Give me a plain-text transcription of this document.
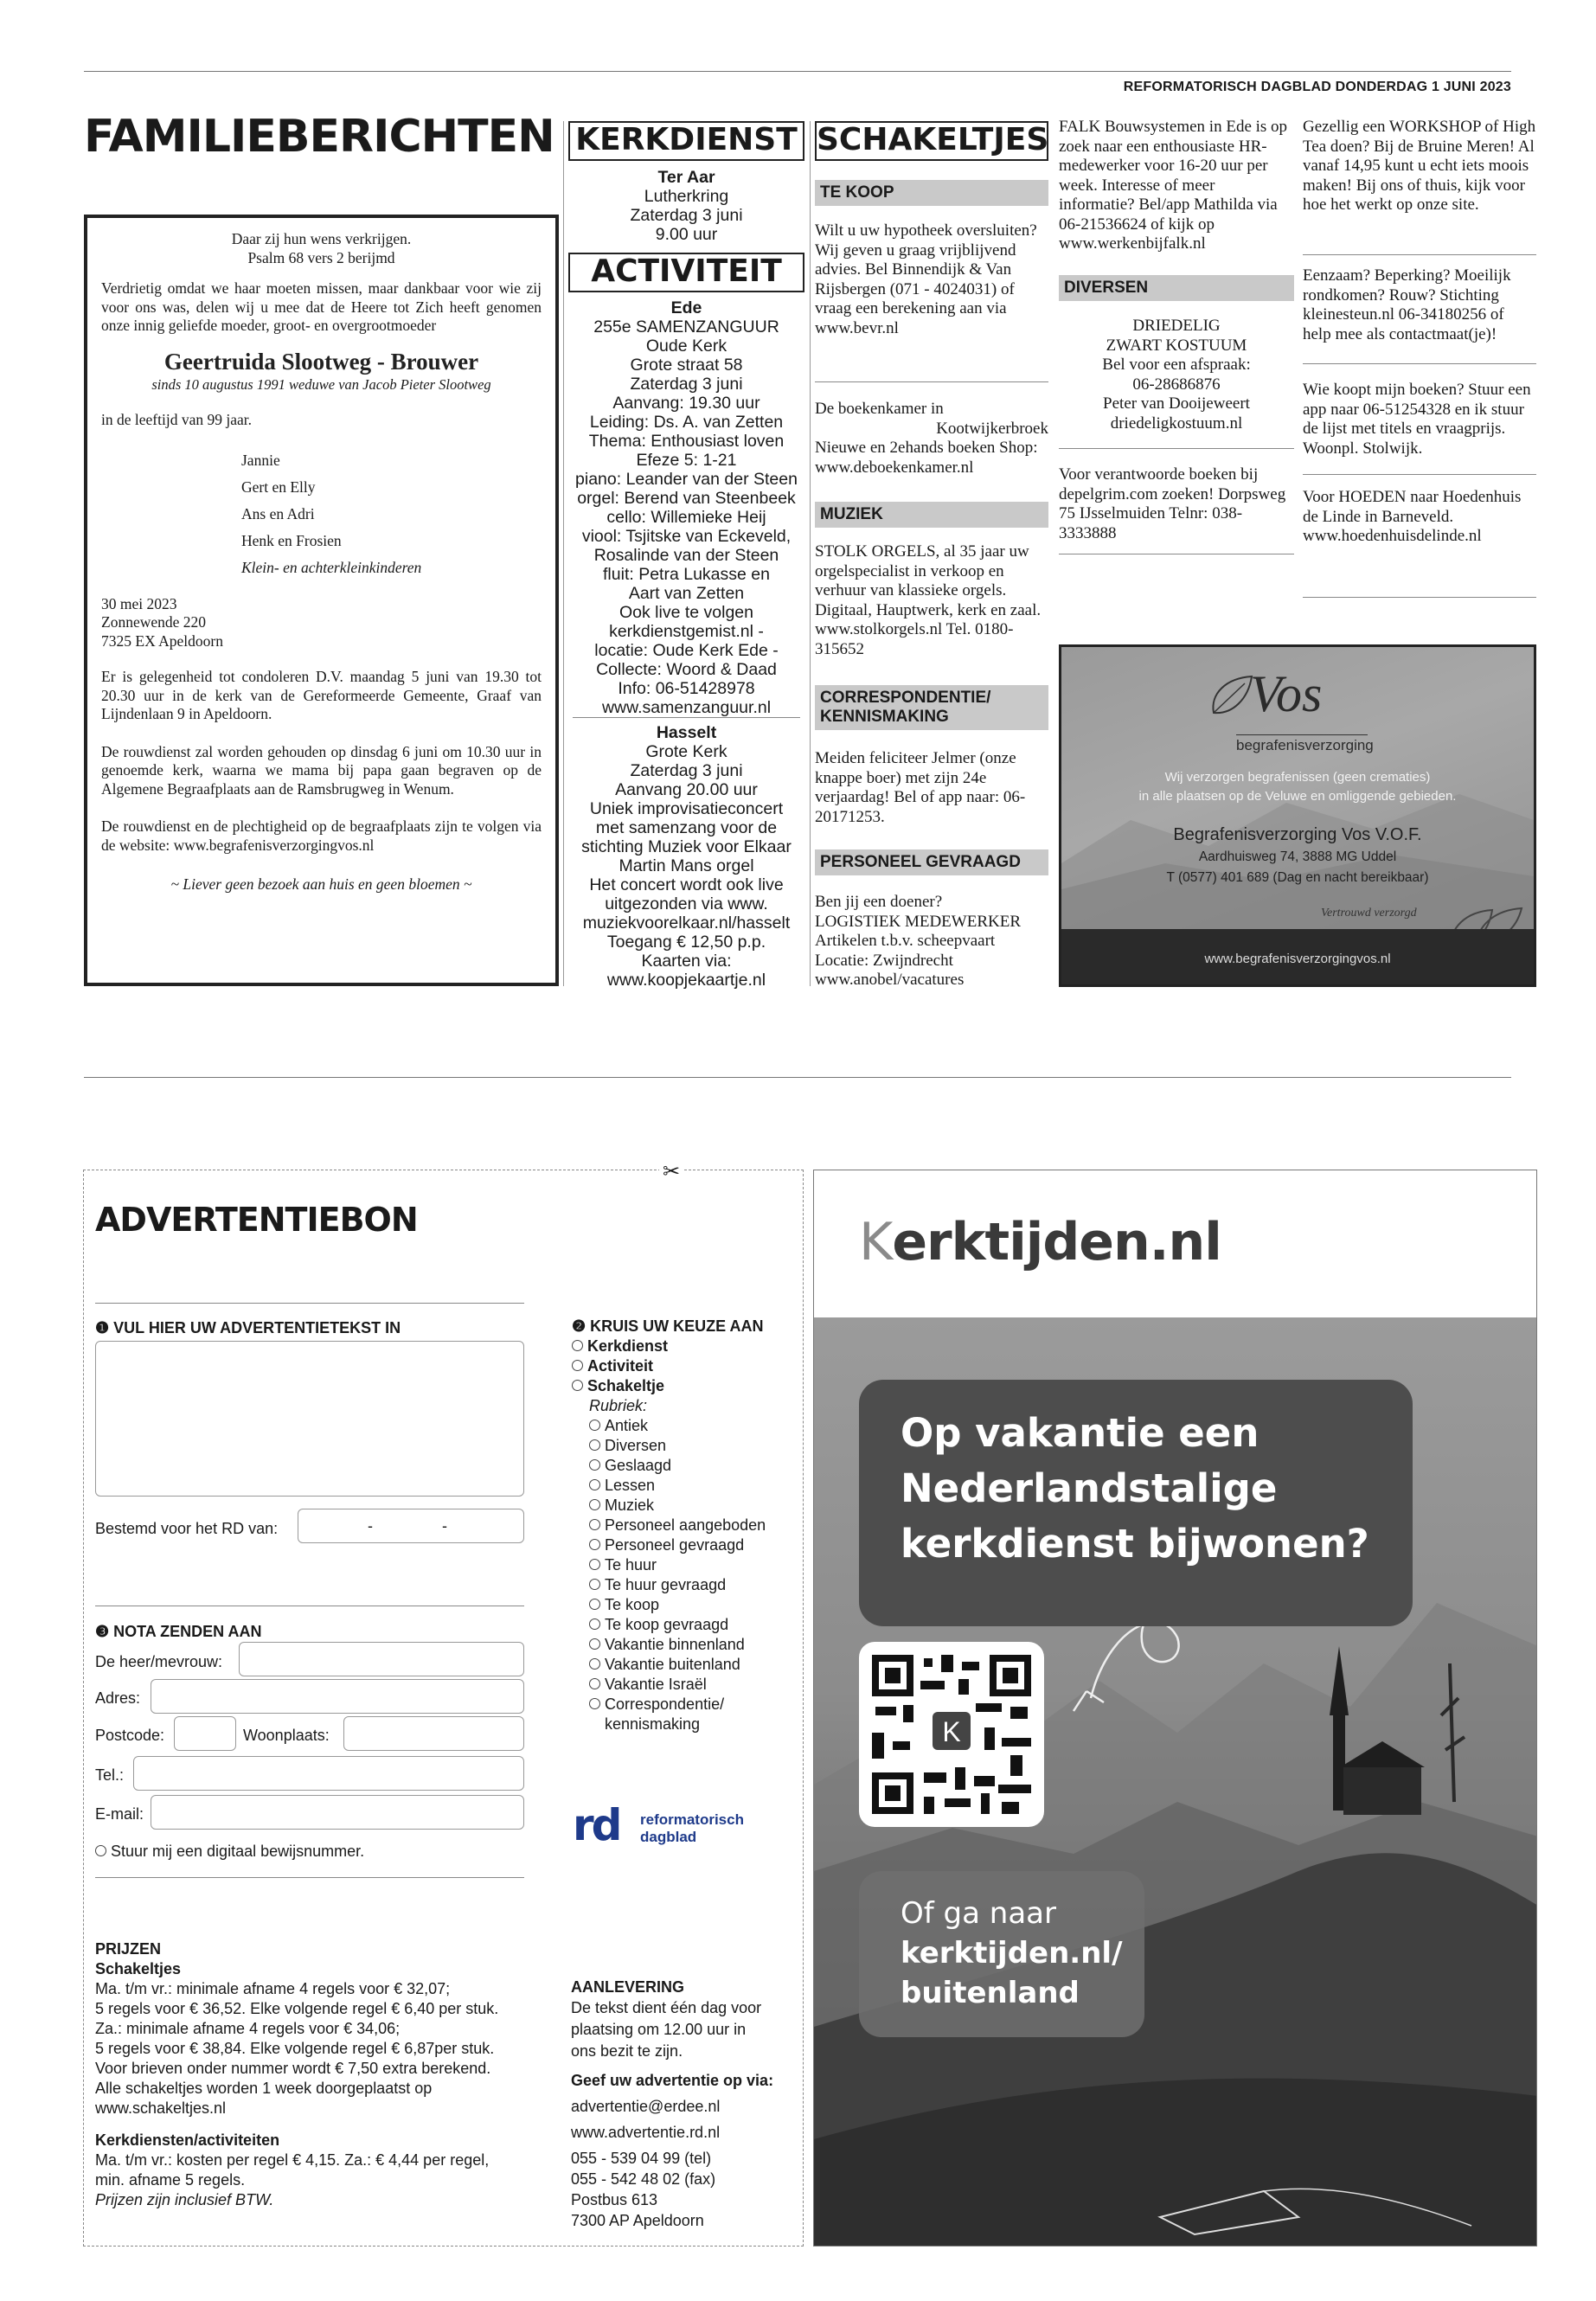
REFORMATORISCH DAGBLAD DONDERDAG 1 JUNI 2023
FAMILIEBERICHTEN
Daar zij hun wens verkrijgen.
Psalm 68 vers 2 berijmd
Verdrietig omdat we haar moeten missen, maar dankbaar voor wie zij voor ons was, delen wij u mee dat de Heere tot Zich heeft genomen onze innig geliefde moeder, groot- en overgrootmoeder
Geertruida Slootweg - Brouwer
sinds 10 augustus 1991 weduwe van Jacob Pieter Slootweg
in de leeftijd van 99 jaar.
Jannie
Gert en Elly
Ans en Adri
Henk en Frosien
Klein- en achterkleinkinderen
30 mei 2023
Zonnewende 220
7325 EX Apeldoorn
Er is gelegenheid tot condoleren D.V. maandag 5 juni van 19.30 tot 20.30 uur in de kerk van de Gereformeerde Gemeente, Graaf van Lijndenlaan 9 in Apeldoorn.
De rouwdienst zal worden gehouden op dinsdag 6 juni om 10.30 uur in genoemde kerk, waarna we mama bij papa gaan begraven op de Algemene Begraafplaats aan de Ramsbrugweg in Wenum.
De rouwdienst en de plechtigheid op de begraafplaats zijn te volgen via de website: www.begrafenisverzorgingvos.nl
~ Liever geen bezoek aan huis en geen bloemen ~
KERKDIENST
Ter Aar
Lutherkring
Zaterdag 3 juni
9.00 uur
ACTIVITEIT
Ede
255e SAMENZANGUUR
Oude Kerk
Grote straat 58
Zaterdag 3 juni
Aanvang: 19.30 uur
Leiding: Ds. A. van Zetten
Thema: Enthousiast loven
Efeze 5: 1-21
piano: Leander van der Steen
orgel: Berend van Steenbeek
cello: Willemieke Heij
viool: Tsjitske van Eckeveld,
Rosalinde van der Steen
fluit: Petra Lukasse en
Aart van Zetten
Ook live te volgen
kerkdienstgemist.nl -
locatie: Oude Kerk Ede -
Collecte: Woord & Daad
Info: 06-51428978
www.samenzanguur.nl
Hasselt
Grote Kerk
Zaterdag 3 juni
Aanvang 20.00 uur
Uniek improvisatieconcert
met samenzang voor de
stichting Muziek voor Elkaar
Martin Mans orgel
Het concert wordt ook live
uitgezonden via www.
muziekvoorelkaar.nl/hasselt
Toegang € 12,50 p.p.
Kaarten via:
www.koopjekaartje.nl
SCHAKELTJES
TE KOOP
Wilt u uw hypotheek oversluiten? Wij geven u graag vrijblijvend advies. Bel Binnendijk & Van Rijsbergen (071 - 4024031) of vraag een berekening aan via www.bevr.nl
De boekenkamer in
Kootwijkerbroek
Nieuwe en 2ehands boeken Shop: www.deboekenkamer.nl
MUZIEK
STOLK ORGELS, al 35 jaar uw orgelspecialist in verkoop en verhuur van klassieke orgels. Digitaal, Hauptwerk, kerk en zaal. www.stolkorgels.nl Tel. 0180-315652
CORRESPONDENTIE/ KENNISMAKING
Meiden feliciteer Jelmer (onze knappe boer) met zijn 24e verjaardag! Bel of app naar: 06-20171253.
PERSONEEL GEVRAAGD
Ben jij een doener?
LOGISTIEK MEDEWERKER
Artikelen t.b.v. scheepvaart
Locatie: Zwijndrecht
www.anobel/vacatures
FALK Bouwsystemen in Ede is op zoek naar een enthousiaste HR-medewerker voor 16-20 uur per week. Interesse of meer informatie? Bel/app Mathilda via 06-21536624 of kijk op www.werkenbijfalk.nl
DIVERSEN
DRIEDELIG
ZWART KOSTUUM
Bel voor een afspraak:
06-28686876
Peter van Dooijeweert
driedeligkostuum.nl
Voor verantwoorde boeken bij depelgrim.com zoeken! Dorpsweg 75 IJsselmuiden Telnr: 038-3333888
Gezellig een WORKSHOP of High Tea doen? Bij de Bruine Meren! Al vanaf 14,95 kunt u echt iets moois maken! Bij ons of thuis, kijk voor hoe het werkt op onze site.
Eenzaam? Beperking? Moeilijk rondkomen? Rouw? Stichting kleinesteun.nl 06-34180256 of help mee als contactmaat(je)!
Wie koopt mijn boeken? Stuur een app naar 06-51254328 en ik stuur de lijst met titels en vraagprijs. Woonpl. Stolwijk.
Voor HOEDEN naar Hoedenhuis de Linde in Barneveld. www.hoedenhuisdelinde.nl
Vos
begrafenisverzorging
Wij verzorgen begrafenissen (geen crematies)
in alle plaatsen op de Veluwe en omliggende gebieden.
Begrafenisverzorging Vos V.O.F.
Aardhuisweg 74, 3888 MG Uddel
T (0577) 401 689 (Dag en nacht bereikbaar)
Vertrouwd verzorgd
www.begrafenisverzorgingvos.nl
✂
ADVERTENTIEBON
❶ VUL HIER UW ADVERTENTIETEKST IN
Bestemd voor het RD van:	-	-
❸ NOTA ZENDEN AAN
De heer/mevrouw:
Adres:
Postcode:	Woonplaats:
Tel.:
E-mail:
Stuur mij een digitaal bewijsnummer.
❷ KRUIS UW KEUZE AAN
Kerkdienst
Activiteit
Schakeltje
Rubriek:
Antiek
Diversen
Geslaagd
Lessen
Muziek
Personeel aangeboden
Personeel gevraagd
Te huur
Te huur gevraagd
Te koop
Te koop gevraagd
Vakantie binnenland
Vakantie buitenland
Vakantie Israël
Correspondentie/ kennismaking
rd reformatorisch
dagblad
PRIJZEN
Schakeltjes
Ma. t/m vr.: minimale afname 4 regels voor € 32,07;
5 regels voor € 36,52. Elke volgende regel € 6,40 per stuk.
Za.: minimale afname 4 regels voor € 34,06;
5 regels voor € 38,84. Elke volgende regel € 6,87per stuk.
Voor brieven onder nummer wordt € 7,50 extra berekend.
Alle schakeltjes worden 1 week doorgeplaatst op
www.schakeltjes.nl
Kerkdiensten/activiteiten
Ma. t/m vr.: kosten per regel € 4,15. Za.: € 4,44 per regel,
min. afname 5 regels.
Prijzen zijn inclusief BTW.
AANLEVERING
De tekst dient één dag voor
plaatsing om 12.00 uur in
ons bezit te zijn.
Geef uw advertentie op via:
advertentie@erdee.nl
www.advertentie.rd.nl
055 - 539 04 99 (tel)
055 - 542 48 02 (fax)
Postbus 613
7300 AP Apeldoorn
Kerktijden.nl
Op vakantie een
Nederlandstalige
kerkdienst bijwonen?
K
Of ga naar
kerktijden.nl/
buitenland
